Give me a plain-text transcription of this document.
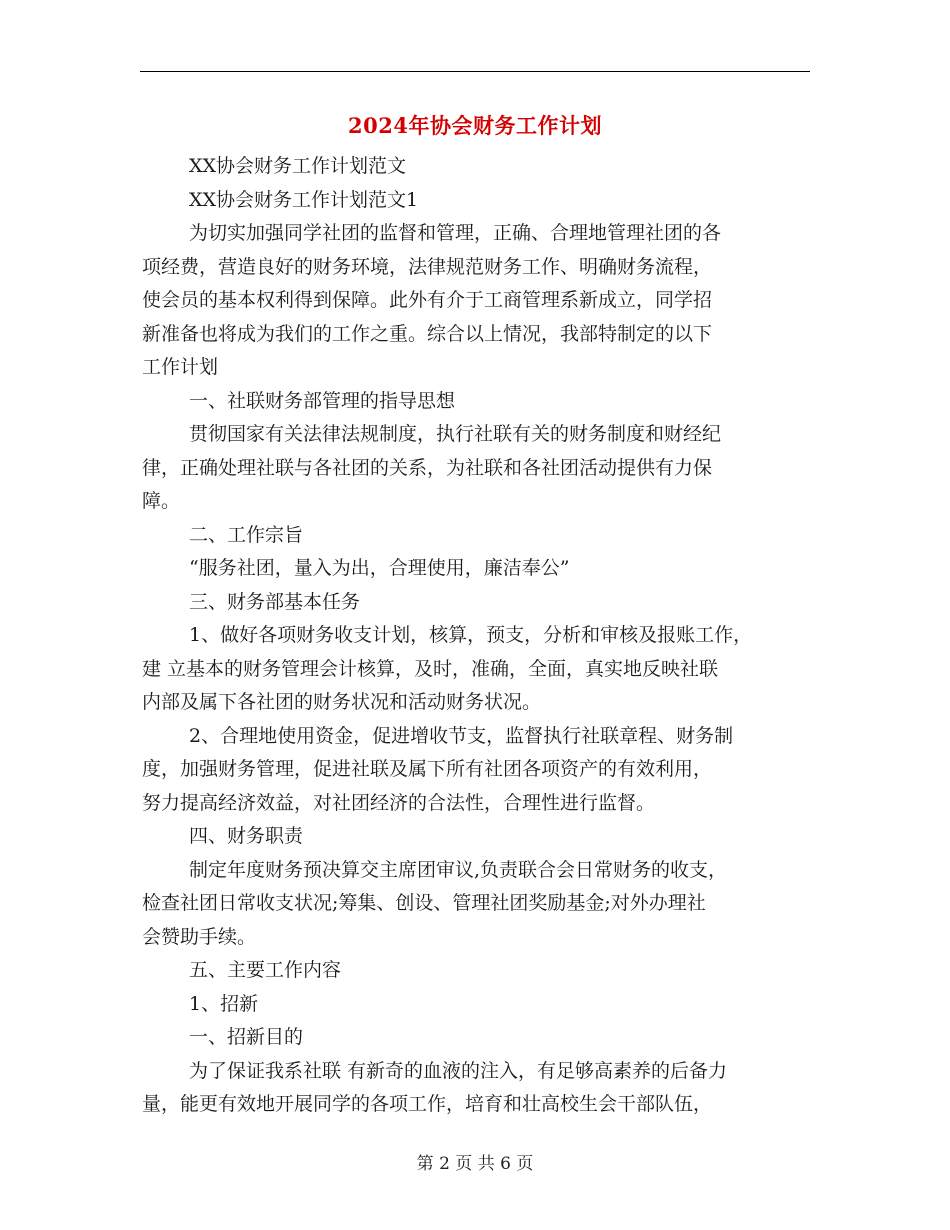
2024年协会财务工作计划

XX协会财务工作计划范文

XX协会财务工作计划范文1

为切实加强同学社团的监督和管理，正确、合理地管理社团的各

项经费，营造良好的财务环境，法律规范财务工作、明确财务流程，

使会员的基本权利得到保障。此外有介于工商管理系新成立，同学招

新准备也将成为我们的工作之重。综合以上情况，我部特制定的以下

工作计划

一、社联财务部管理的指导思想

贯彻国家有关法律法规制度，执行社联有关的财务制度和财经纪

律，正确处理社联与各社团的关系，为社联和各社团活动提供有力保

障。

二、工作宗旨

“服务社团，量入为出，合理使用，廉洁奉公”

三、财务部基本任务

1、做好各项财务收支计划，核算，预支，分析和审核及报账工作，

建 立基本的财务管理会计核算，及时，准确，全面，真实地反映社联

内部及属下各社团的财务状况和活动财务状况。

2、合理地使用资金，促进增收节支，监督执行社联章程、财务制

度，加强财务管理，促进社联及属下所有社团各项资产的有效利用，

努力提高经济效益，对社团经济的合法性，合理性进行监督。

四、财务职责

制定年度财务预决算交主席团审议,负责联合会日常财务的收支，

检查社团日常收支状况;筹集、创设、管理社团奖励基金;对外办理社

会赞助手续。

五、主要工作内容

1、招新

一、招新目的

为了保证我系社联 有新奇的血液的注入，有足够高素养的后备力

量，能更有效地开展同学的各项工作，培育和壮高校生会干部队伍，

第 2 页 共 6 页
